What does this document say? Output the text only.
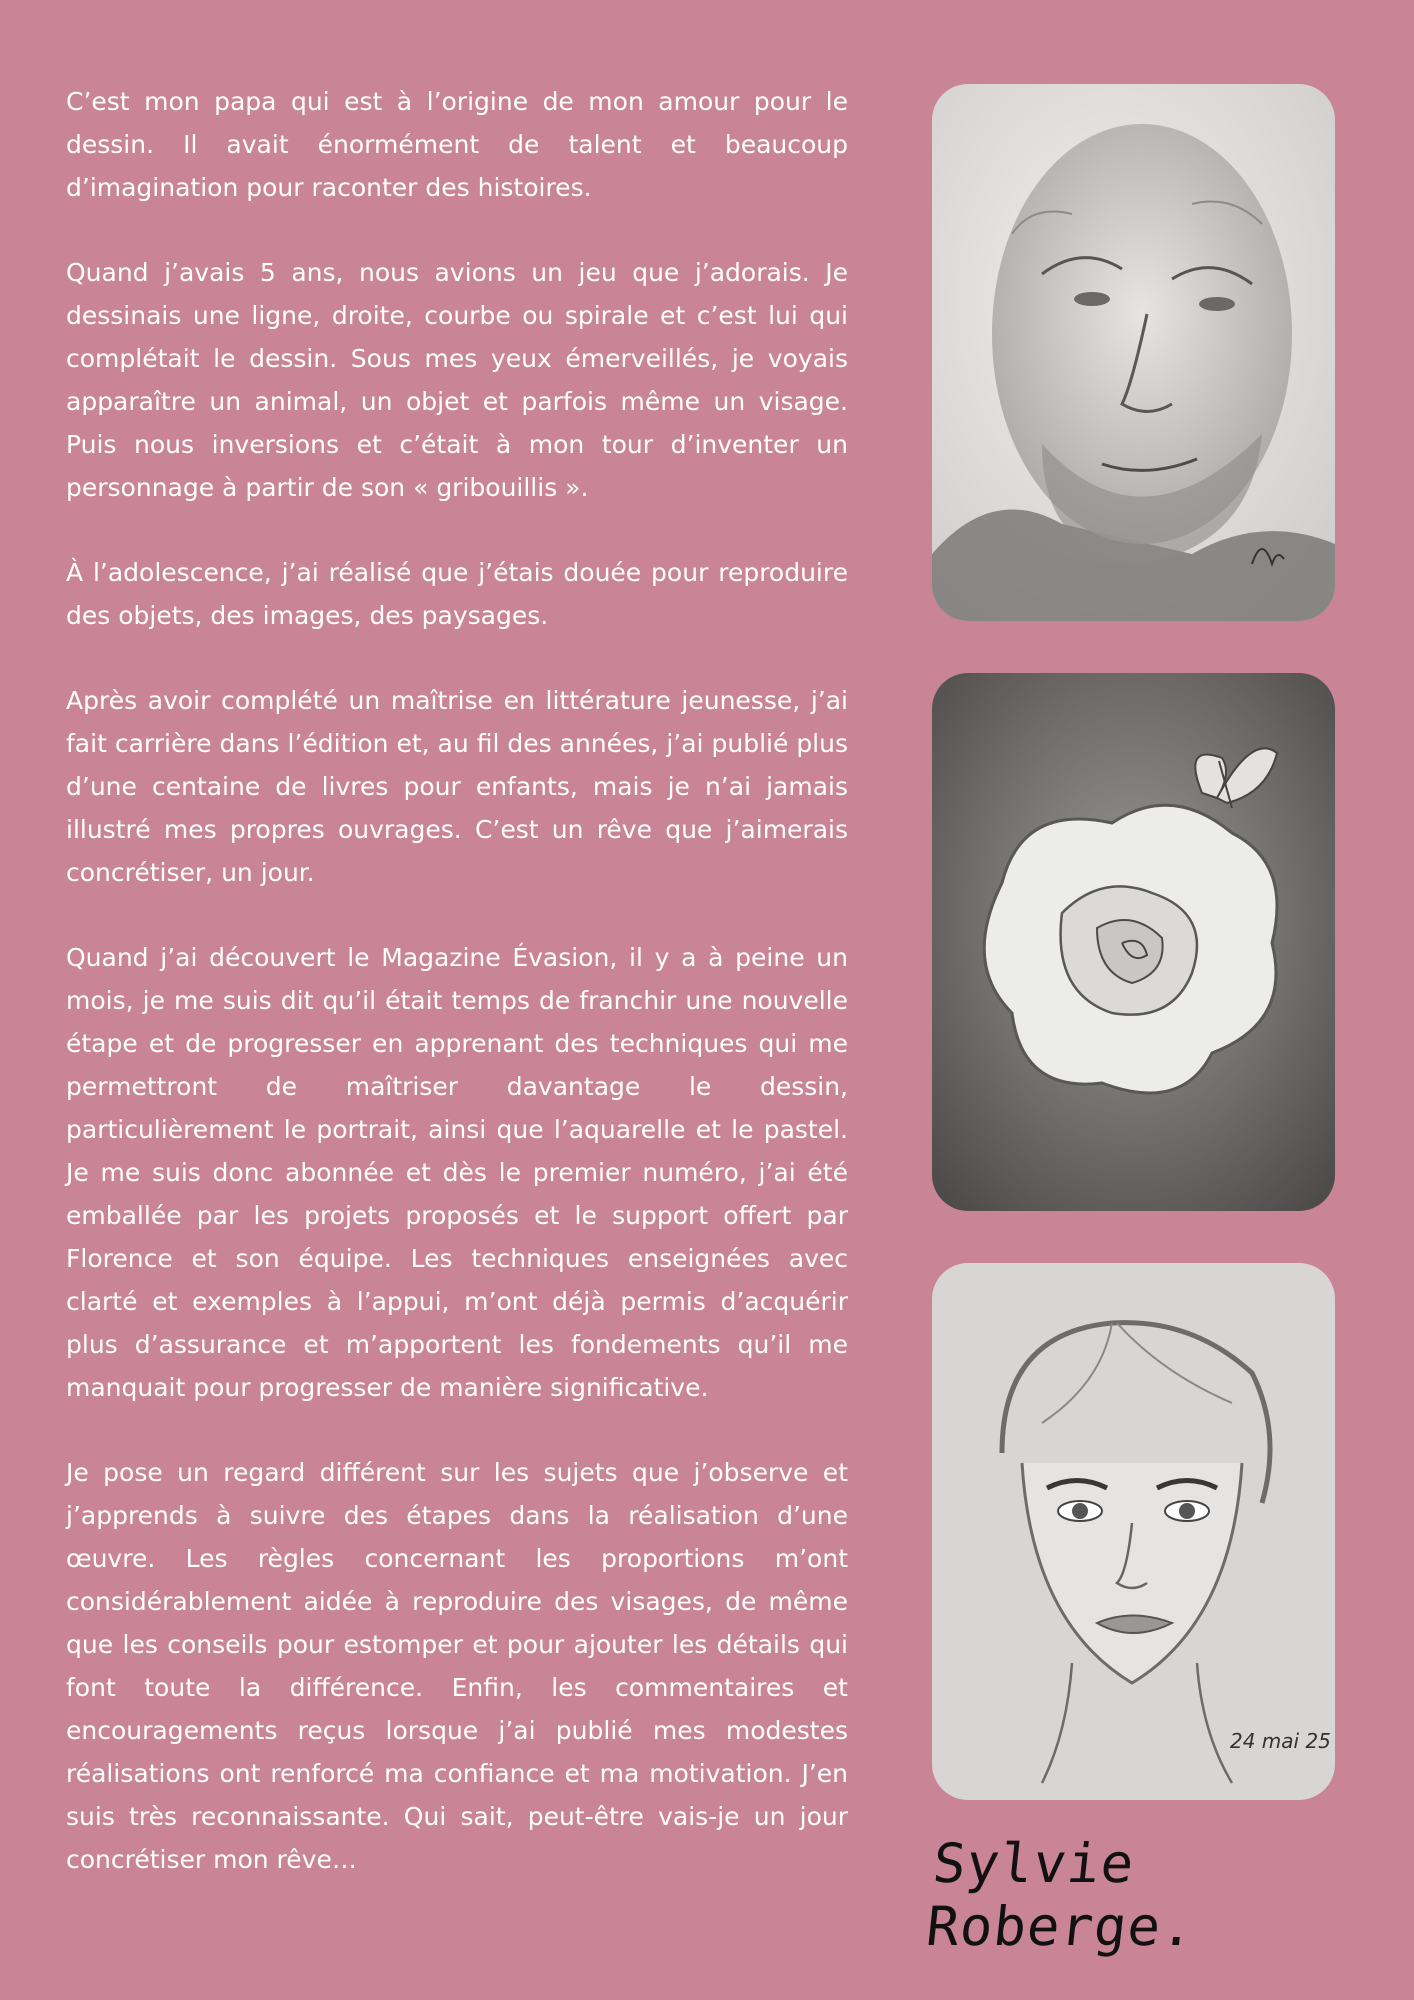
C’est mon papa qui est à l’origine de mon amour pour le dessin. Il avait énormément de talent et beaucoup d’imagination pour raconter des histoires.

Quand j’avais 5 ans, nous avions un jeu que j’adorais. Je dessinais une ligne, droite, courbe ou spirale et c’est lui qui complétait le dessin. Sous mes yeux émerveillés, je voyais apparaître un animal, un objet et parfois même un visage. Puis nous inversions et c’était à mon tour d’inventer un personnage à partir de son « gribouillis ».

À l’adolescence, j’ai réalisé que j’étais douée pour reproduire des objets, des images, des paysages.

Après avoir complété un maîtrise en littérature jeunesse, j’ai fait carrière dans l’édition et, au fil des années, j’ai publié plus d’une centaine de livres pour enfants, mais je n’ai jamais illustré mes propres ouvrages. C’est un rêve que j’aimerais concrétiser, un jour.

Quand j’ai découvert le Magazine Évasion, il y a à peine un mois, je me suis dit qu’il était temps de franchir une nouvelle étape et de progresser en apprenant des techniques qui me permettront de maîtriser davantage le dessin, particulièrement le portrait, ainsi que l’aquarelle et le pastel. Je me suis donc abonnée et dès le premier numéro, j’ai été emballée par les projets proposés et le support offert par Florence et son équipe. Les techniques enseignées avec clarté et exemples à l’appui, m’ont déjà permis d’acquérir plus d’assurance et m’apportent les fondements qu’il me manquait pour progresser de manière significative.

Je pose un regard différent sur les sujets que j’observe et j’apprends à suivre des étapes dans la réalisation d’une œuvre. Les règles concernant les proportions m’ont considérablement aidée à reproduire des visages, de même que les conseils pour estomper et pour ajouter les détails qui font toute la différence. Enfin, les commentaires et encouragements reçus lorsque j’ai publié mes modestes réalisations ont renforcé ma confiance et ma motivation. J’en suis très reconnaissante. Qui sait, peut-être vais-je un jour concrétiser mon rêve…

24 mai 25
Sylvie Roberge.
